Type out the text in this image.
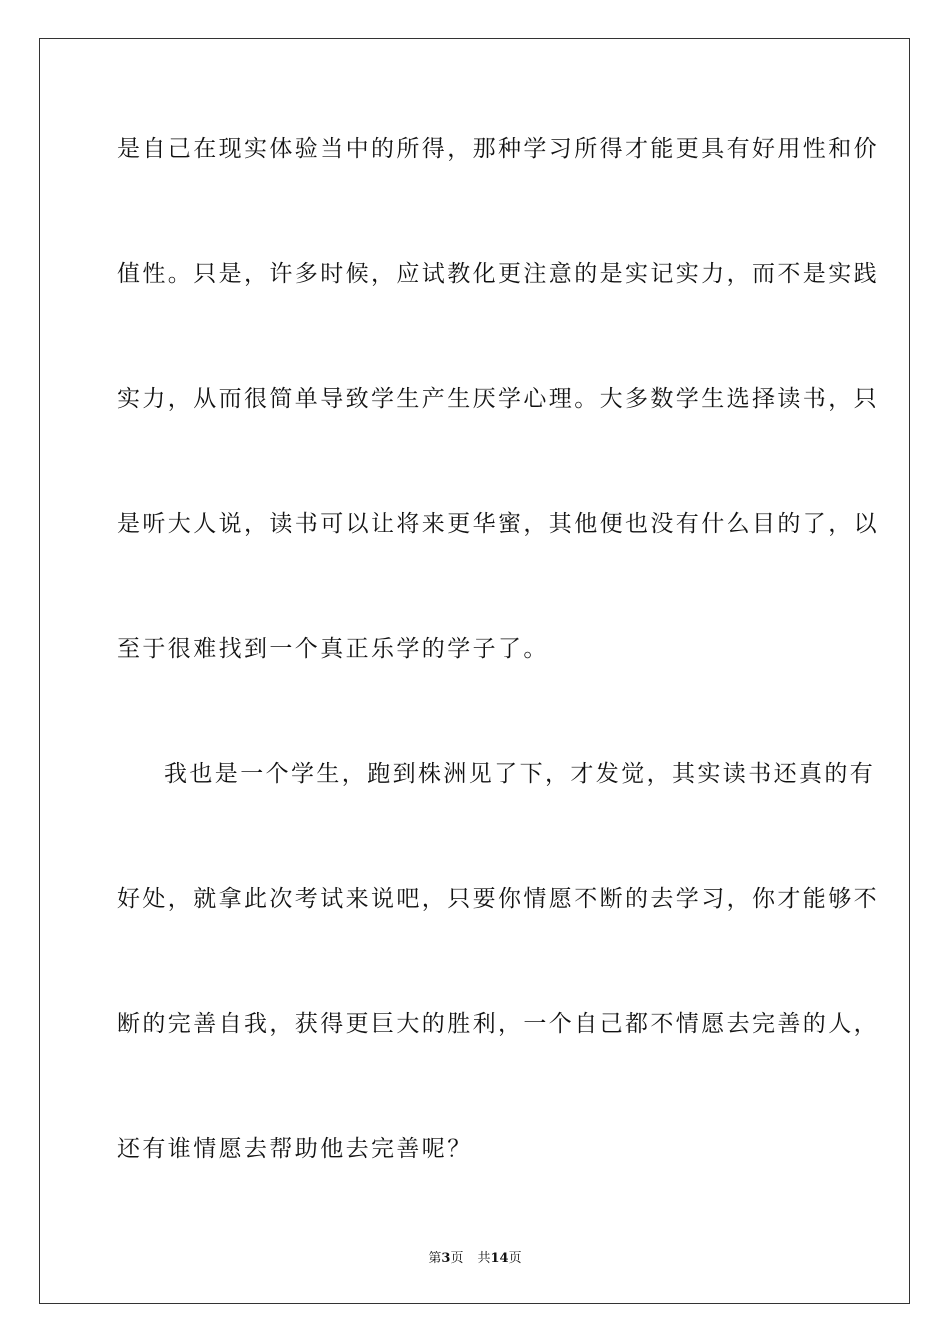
是自己在现实体验当中的所得，那种学习所得才能更具有好用性和价
值性。只是，许多时候，应试教化更注意的是实记实力，而不是实践
实力，从而很简单导致学生产生厌学心理。大多数学生选择读书，只
是听大人说，读书可以让将来更华蜜，其他便也没有什么目的了，以
至于很难找到一个真正乐学的学子了。
我也是一个学生，跑到株洲见了下，才发觉，其实读书还真的有
好处，就拿此次考试来说吧，只要你情愿不断的去学习，你才能够不
断的完善自我，获得更巨大的胜利，一个自己都不情愿去完善的人，
还有谁情愿去帮助他去完善呢？
第3页 共14页
